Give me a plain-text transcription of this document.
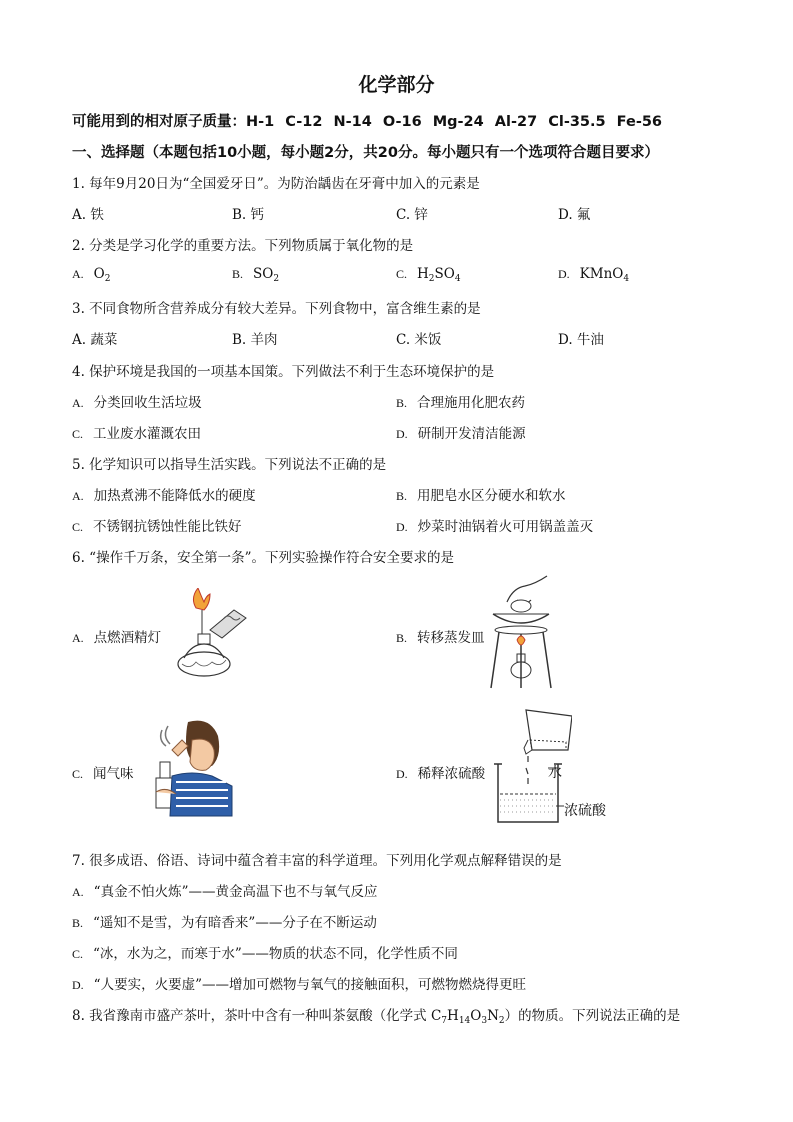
化学部分
可能用到的相对原子质量：H-1 C-12 N-14 O-16 Mg-24 Al-27 Cl-35.5 Fe-56
一、选择题（本题包括10小题，每小题2分，共20分。每小题只有一个选项符合题目要求）
1. 每年9月20日为“全国爱牙日”。为防治龋齿在牙膏中加入的元素是
A. 铁	B. 钙	C. 锌	D. 氟
2. 分类是学习化学的重要方法。下列物质属于氧化物的是
A. $O_2$	B. $SO_2$	C. $H_2SO_4$	D. KMnO$_4$
3. 不同食物所含营养成分有较大差异。下列食物中，富含维生素的是
A. 蔬菜	B. 羊肉	C. 米饭	D. 牛油
4. 保护环境是我国的一项基本国策。下列做法不利于生态环境保护的是
A. 分类回收生活垃圾	B. 合理施用化肥农药
C. 工业废水灌溉农田	D. 研制开发清洁能源
5. 化学知识可以指导生活实践。下列说法不正确的是
A. 加热煮沸不能降低水的硬度	B. 用肥皂水区分硬水和软水
C. 不锈钢抗锈蚀性能比铁好	D. 炒菜时油锅着火可用锅盖盖灭
6. “操作千万条，安全第一条”。下列实验操作符合安全要求的是
A. 点燃酒精灯	B. 转移蒸发皿
C. 闻气味	D. 稀释浓硫酸	水
浓硫酸
7. 很多成语、俗语、诗词中蕴含着丰富的科学道理。下列用化学观点解释错误的是
A. “真金不怕火炼”——黄金高温下也不与氧气反应
B. “遥知不是雪，为有暗香来”——分子在不断运动
C. “冰，水为之，而寒于水”——物质的状态不同，化学性质不同
D. “人要实，火要虚”——增加可燃物与氧气的接触面积，可燃物燃烧得更旺
8. 我省豫南市盛产茶叶，茶叶中含有一种叫茶氨酸（化学式 $C_7H_{14}O_3N_2$）的物质。下列说法正确的是
